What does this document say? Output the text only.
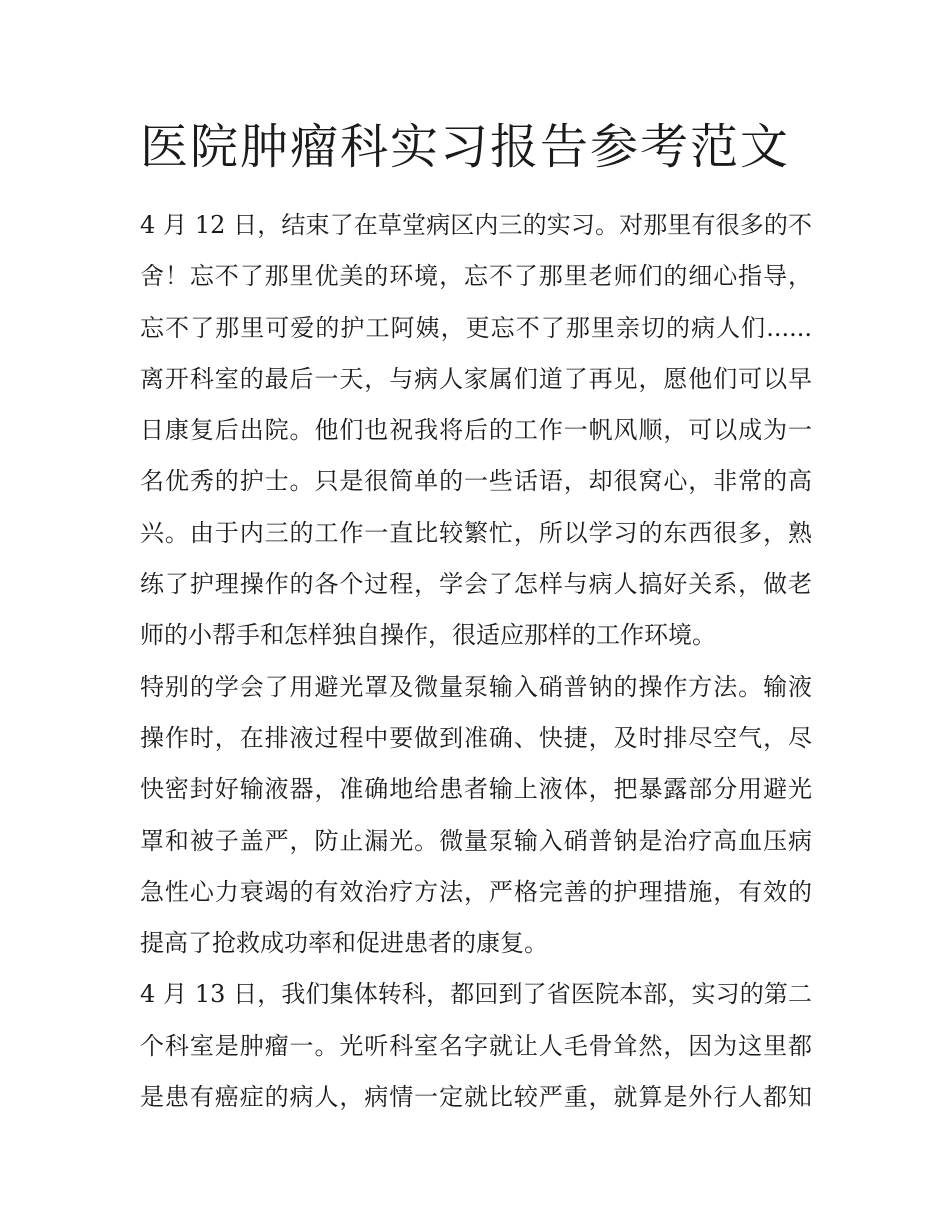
医院肿瘤科实习报告参考范文
4 月 12 日，结束了在草堂病区内三的实习。对那里有很多的不
舍！忘不了那里优美的环境，忘不了那里老师们的细心指导，
忘不了那里可爱的护工阿姨，更忘不了那里亲切的病人们......
离开科室的最后一天，与病人家属们道了再见，愿他们可以早
日康复后出院。他们也祝我将后的工作一帆风顺，可以成为一
名优秀的护士。只是很简单的一些话语，却很窝心，非常的高
兴。由于内三的工作一直比较繁忙，所以学习的东西很多，熟
练了护理操作的各个过程，学会了怎样与病人搞好关系，做老
师的小帮手和怎样独自操作，很适应那样的工作环境。
特别的学会了用避光罩及微量泵输入硝普钠的操作方法。输液
操作时，在排液过程中要做到准确、快捷，及时排尽空气，尽
快密封好输液器，准确地给患者输上液体，把暴露部分用避光
罩和被子盖严，防止漏光。微量泵输入硝普钠是治疗高血压病
急性心力衰竭的有效治疗方法，严格完善的护理措施，有效的
提高了抢救成功率和促进患者的康复。
4 月 13 日，我们集体转科，都回到了省医院本部，实习的第二
个科室是肿瘤一。光听科室名字就让人毛骨耸然，因为这里都
是患有癌症的病人，病情一定就比较严重，就算是外行人都知
